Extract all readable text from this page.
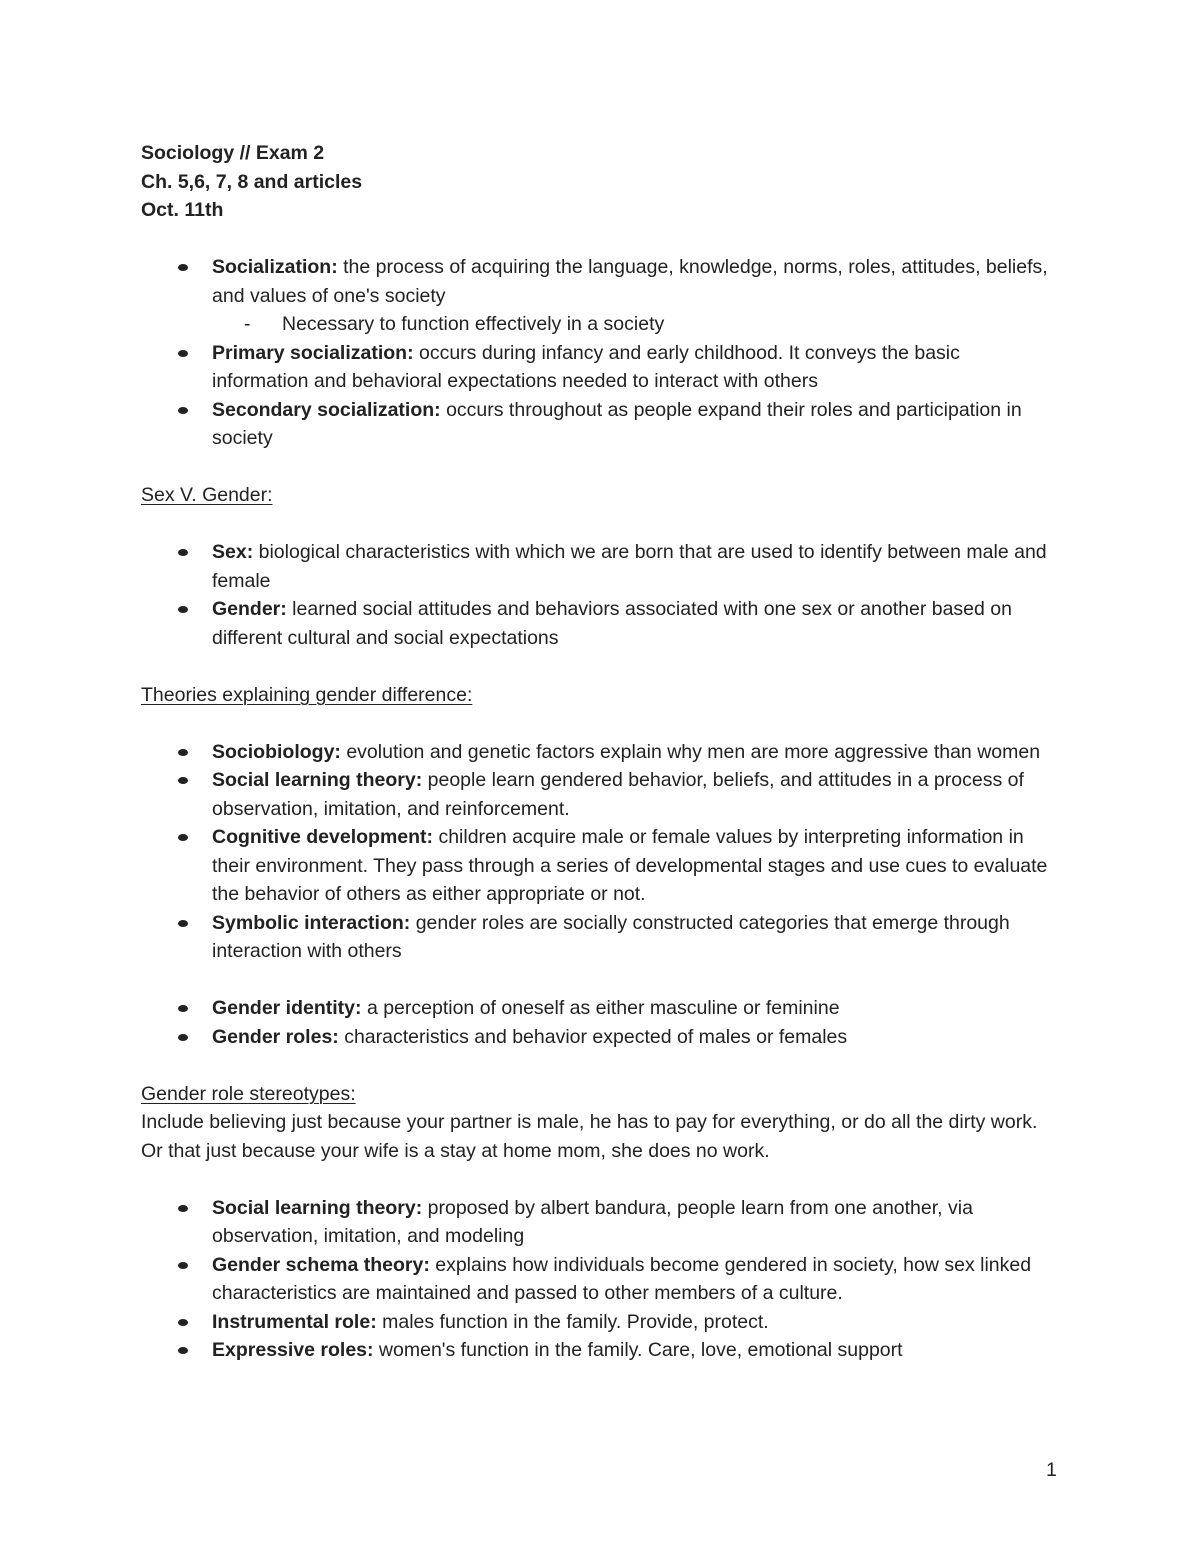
Sociology // Exam 2
Ch. 5,6, 7, 8 and articles
Oct. 11th
Socialization: the process of acquiring the language, knowledge, norms, roles, attitudes, beliefs, and values of one's society
- Necessary to function effectively in a society
Primary socialization: occurs during infancy and early childhood. It conveys the basic information and behavioral expectations needed to interact with others
Secondary socialization: occurs throughout as people expand their roles and participation in society
Sex V. Gender:
Sex: biological characteristics with which we are born that are used to identify between male and female
Gender: learned social attitudes and behaviors associated with one sex or another based on different cultural and social expectations
Theories explaining gender difference:
Sociobiology: evolution and genetic factors explain why men are more aggressive than women
Social learning theory: people learn gendered behavior, beliefs, and attitudes in a process of observation, imitation, and reinforcement.
Cognitive development: children acquire male or female values by interpreting information in their environment. They pass through a series of developmental stages and use cues to evaluate the behavior of others as either appropriate or not.
Symbolic interaction: gender roles are socially constructed categories that emerge through interaction with others
Gender identity: a perception of oneself as either masculine or feminine
Gender roles: characteristics and behavior expected of males or females
Gender role stereotypes:
Include believing just because your partner is male, he has to pay for everything, or do all the dirty work. Or that just because your wife is a stay at home mom, she does no work.
Social learning theory: proposed by albert bandura, people learn from one another, via observation, imitation, and modeling
Gender schema theory: explains how individuals become gendered in society, how sex linked characteristics are maintained and passed to other members of a culture.
Instrumental role: males function in the family. Provide, protect.
Expressive roles: women's function in the family. Care, love, emotional support
1
